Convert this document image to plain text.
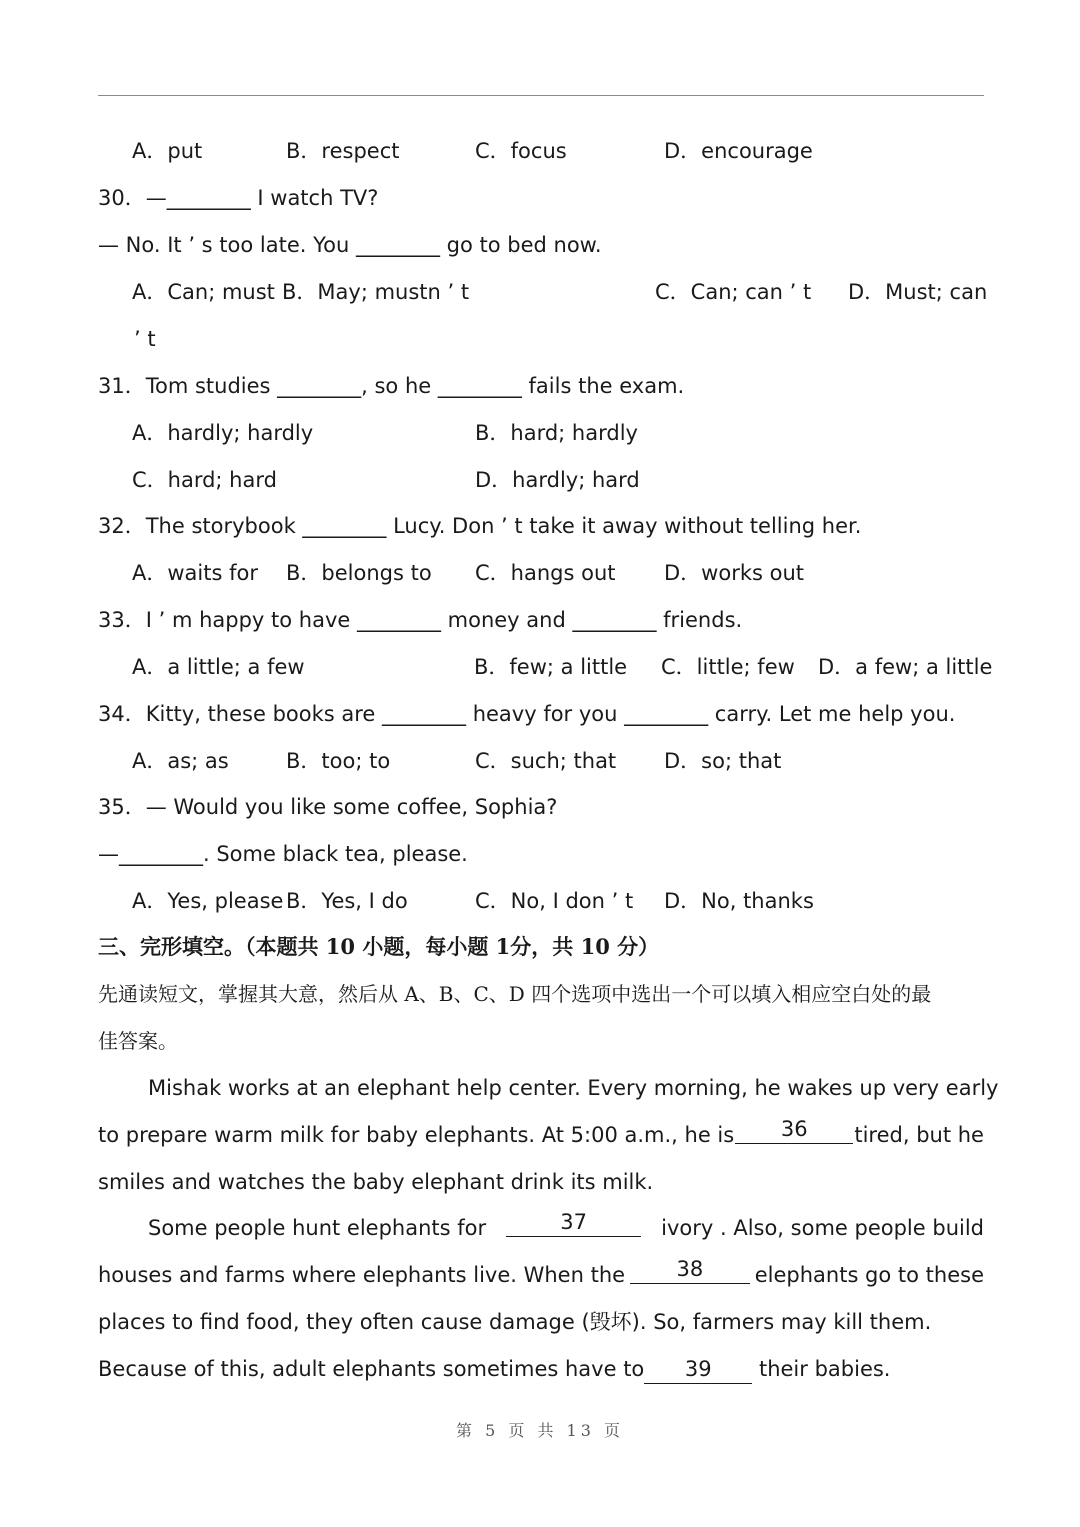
A．put	B．respect	C．focus	D．encourage
30．—________ I watch TV?
— No. It ’ s too late. You ________ go to bed now.
A．Can; must B．May; mustn ’ t	C．Can; can ’ t D．Must; can
’ t
31．Tom studies ________, so he ________ fails the exam.
A．hardly; hardly	B．hard; hardly
C．hard; hard	D．hardly; hard
32．The storybook ________ Lucy. Don ’ t take it away without telling her.
A．waits for B．belongs to C．hangs out D．works out
33．I ’ m happy to have ________ money and ________ friends.
A．a little; a few	B．few; a little C．little; few D．a few; a little
34．Kitty, these books are ________ heavy for you ________ carry. Let me help you.
A．as; as	B．too; to	C．such; that D．so; that
35．— Would you like some coffee, Sophia?
—________. Some black tea, please.
A．Yes, please B．Yes, I do	C．No, I don ’ t D．No, thanks
三、完形填空。（本题共 10 小题，每小题 1分，共 10 分）
先通读短文，掌握其大意，然后从 A、B、C、D 四个选项中选出一个可以填入相应空白处的最
佳答案。
Mishak works at an elephant help center. Every morning, he wakes up very early
to prepare warm milk for baby elephants. At 5:00 a.m., he is	36	tired, but he
smiles and watches the baby elephant drink its milk.
Some people hunt elephants for	37	ivory . Also, some people build
houses and farms where elephants live. When the	38	elephants go to these
places to find food, they often cause damage (毁坏). So, farmers may kill them.
Because of this, adult elephants sometimes have to 39 their babies.
第 5 页 共 13 页
